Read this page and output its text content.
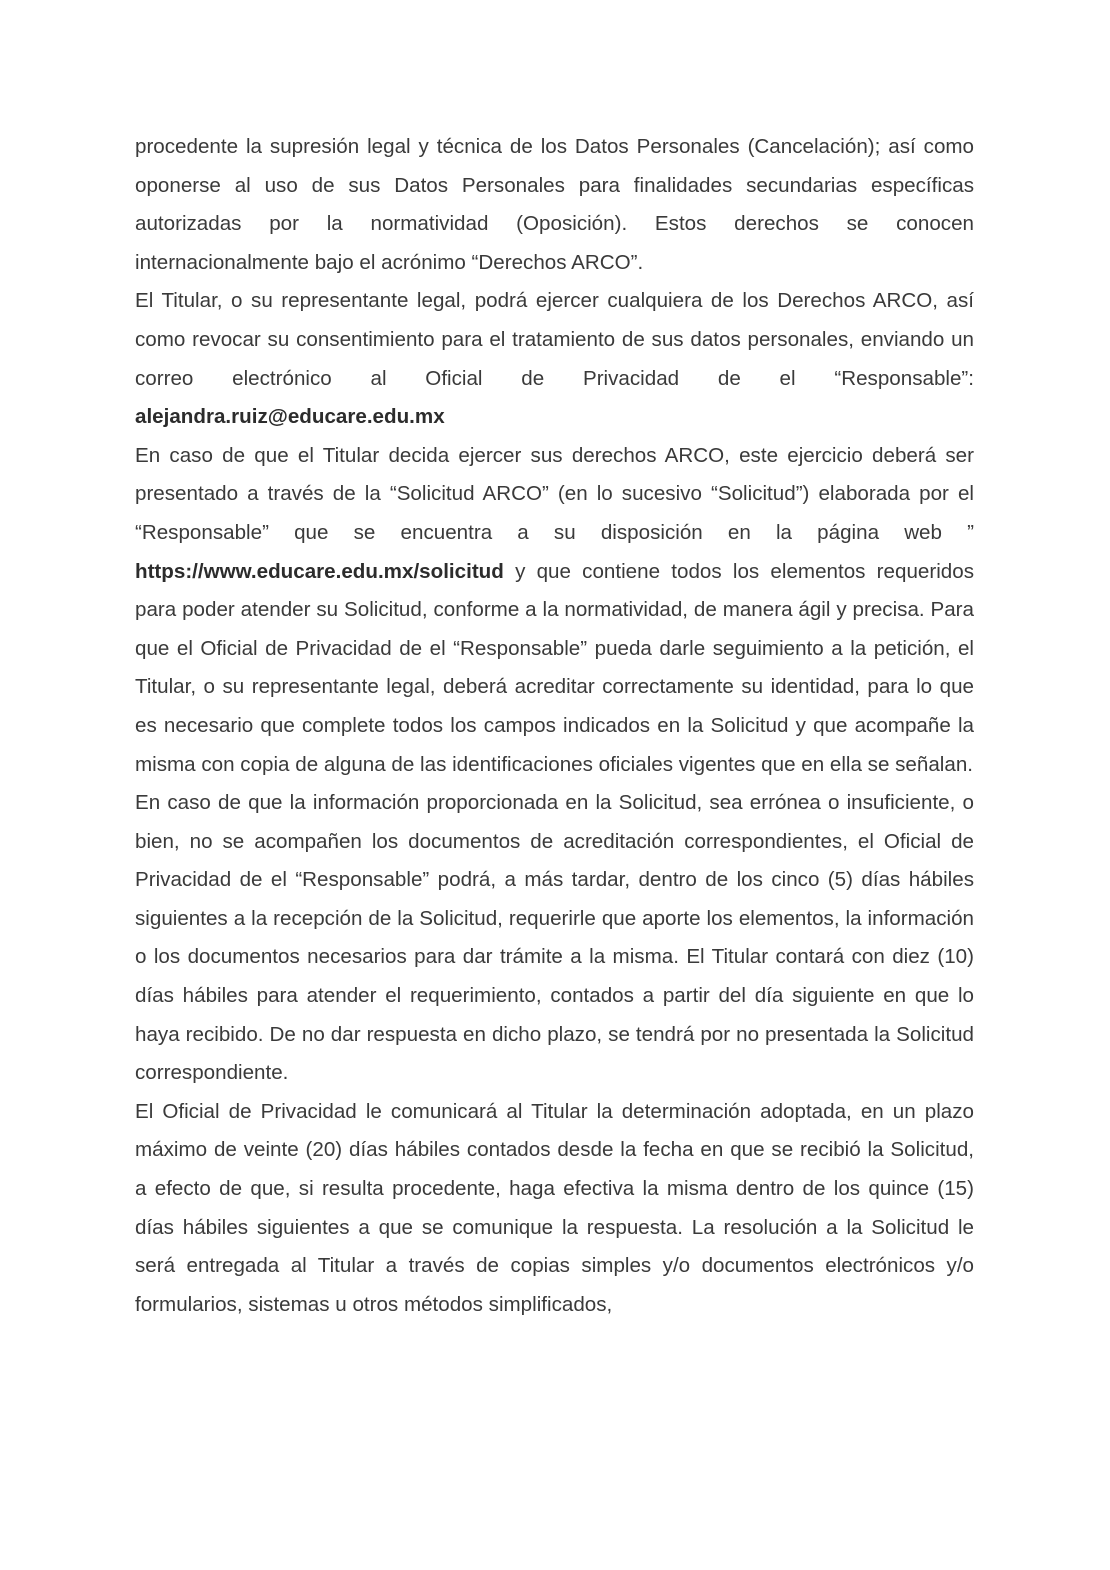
procedente la supresión legal y técnica de los Datos Personales (Cancelación); así como oponerse al uso de sus Datos Personales para finalidades secundarias específicas autorizadas por la normatividad (Oposición). Estos derechos se conocen internacionalmente bajo el acrónimo “Derechos ARCO”.

El Titular, o su representante legal, podrá ejercer cualquiera de los Derechos ARCO, así como revocar su consentimiento para el tratamiento de sus datos personales, enviando un correo electrónico al Oficial de Privacidad de el “Responsable”: alejandra.ruiz@educare.edu.mx

En caso de que el Titular decida ejercer sus derechos ARCO, este ejercicio deberá ser presentado a través de la “Solicitud ARCO” (en lo sucesivo “Solicitud”) elaborada por el “Responsable” que se encuentra a su disposición en la página web ” https://www.educare.edu.mx/solicitud y que contiene todos los elementos requeridos para poder atender su Solicitud, conforme a la normatividad, de manera ágil y precisa. Para que el Oficial de Privacidad de el “Responsable” pueda darle seguimiento a la petición, el Titular, o su representante legal, deberá acreditar correctamente su identidad, para lo que es necesario que complete todos los campos indicados en la Solicitud y que acompañe la misma con copia de alguna de las identificaciones oficiales vigentes que en ella se señalan.

En caso de que la información proporcionada en la Solicitud, sea errónea o insuficiente, o bien, no se acompañen los documentos de acreditación correspondientes, el Oficial de Privacidad de el “Responsable” podrá, a más tardar, dentro de los cinco (5) días hábiles siguientes a la recepción de la Solicitud, requerirle que aporte los elementos, la información o los documentos necesarios para dar trámite a la misma. El Titular contará con diez (10) días hábiles para atender el requerimiento, contados a partir del día siguiente en que lo haya recibido. De no dar respuesta en dicho plazo, se tendrá por no presentada la Solicitud correspondiente.

El Oficial de Privacidad le comunicará al Titular la determinación adoptada, en un plazo máximo de veinte (20) días hábiles contados desde la fecha en que se recibió la Solicitud, a efecto de que, si resulta procedente, haga efectiva la misma dentro de los quince (15) días hábiles siguientes a que se comunique la respuesta. La resolución a la Solicitud le será entregada al Titular a través de copias simples y/o documentos electrónicos y/o formularios, sistemas u otros métodos simplificados,
